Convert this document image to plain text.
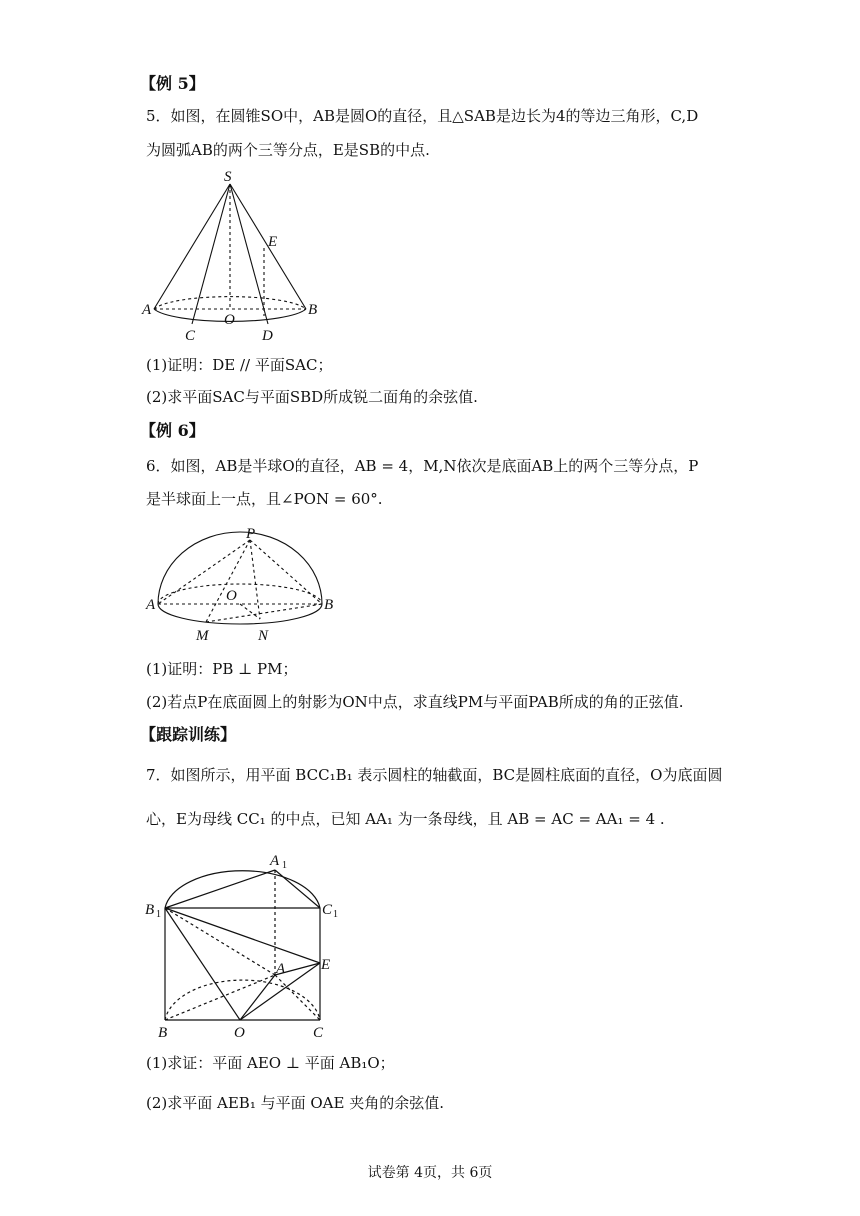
【例 5】
5．如图，在圆锥SO中，AB是圆O的直径，且△SAB是边长为4的等边三角形，C,D
为圆弧AB的两个三等分点，E是SB的中点.
S
E
A	B
O
C	D
(1)证明：DE // 平面SAC；
(2)求平面SAC与平面SBD所成锐二面角的余弦值.
【例 6】
6．如图，AB是半球O的直径，AB = 4，M,N依次是底面AB上的两个三等分点，P
是半球面上一点，且∠PON = 60°.
P
A	B
O
M	N
(1)证明：PB ⊥ PM；
(2)若点P在底面圆上的射影为ON中点，求直线PM与平面PAB所成的角的正弦值.
【跟踪训练】
7．如图所示，用平面 BCC₁B₁ 表示圆柱的轴截面，BC是圆柱底面的直径，O为底面圆
心，E为母线 CC₁ 的中点，已知 AA₁ 为一条母线，且 AB = AC = AA₁ = 4 .
A 1
B 1	C 1
A E
B	O	C
(1)求证：平面 AEO ⊥ 平面 AB₁O；
(2)求平面 AEB₁ 与平面 OAE 夹角的余弦值.
试卷第 4页，共 6页
